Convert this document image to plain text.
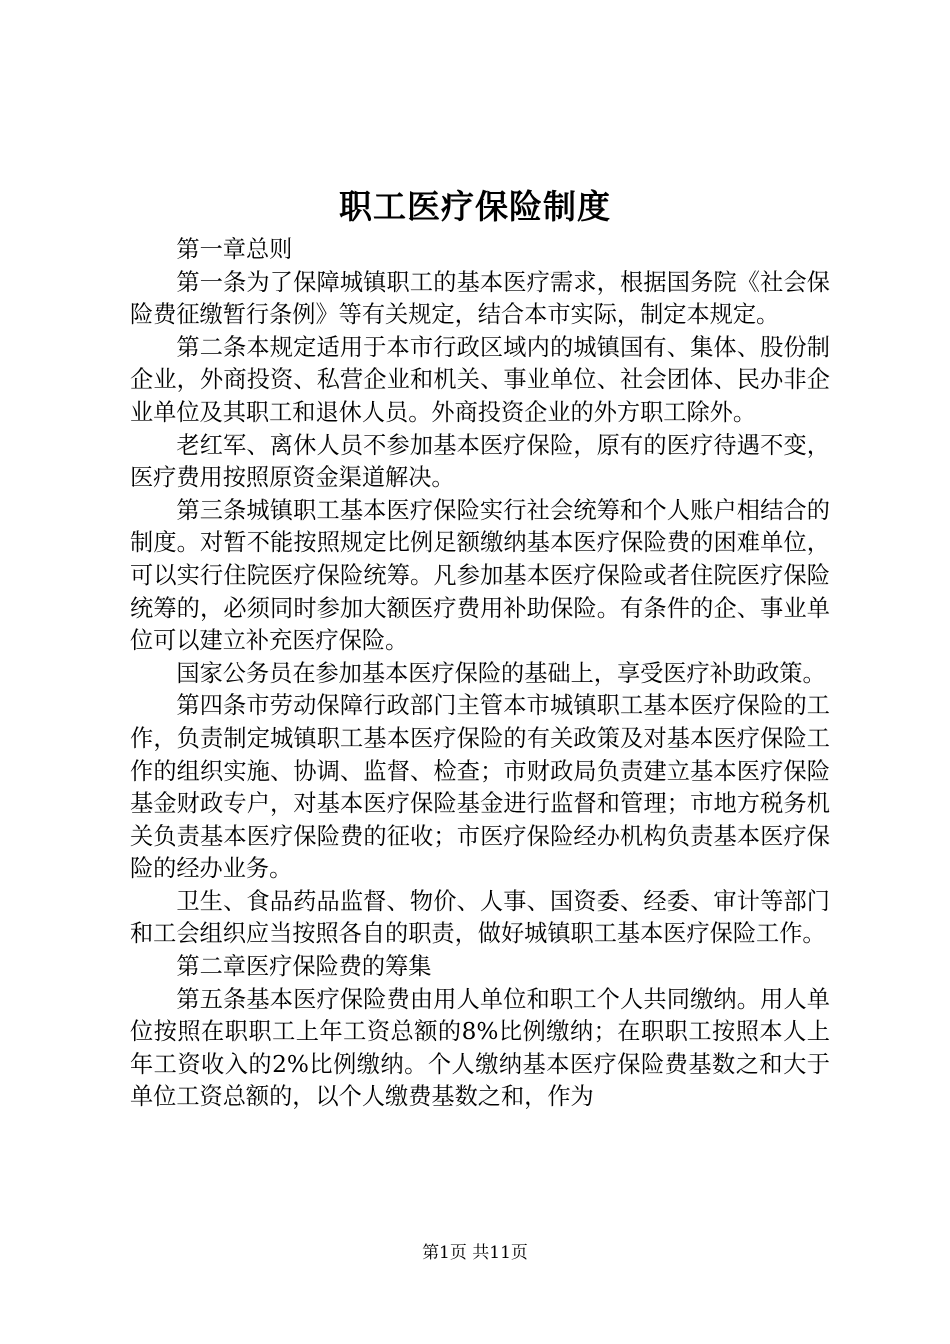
职工医疗保险制度

第一章总则

第一条为了保障城镇职工的基本医疗需求，根据国务院《社会保险费征缴暂行条例》等有关规定，结合本市实际，制定本规定。

第二条本规定适用于本市行政区域内的城镇国有、集体、股份制企业，外商投资、私营企业和机关、事业单位、社会团体、民办非企业单位及其职工和退休人员。外商投资企业的外方职工除外。

老红军、离休人员不参加基本医疗保险，原有的医疗待遇不变，医疗费用按照原资金渠道解决。

第三条城镇职工基本医疗保险实行社会统筹和个人账户相结合的制度。对暂不能按照规定比例足额缴纳基本医疗保险费的困难单位，可以实行住院医疗保险统筹。凡参加基本医疗保险或者住院医疗保险统筹的，必须同时参加大额医疗费用补助保险。有条件的企、事业单位可以建立补充医疗保险。

国家公务员在参加基本医疗保险的基础上，享受医疗补助政策。

第四条市劳动保障行政部门主管本市城镇职工基本医疗保险的工作，负责制定城镇职工基本医疗保险的有关政策及对基本医疗保险工作的组织实施、协调、监督、检查；市财政局负责建立基本医疗保险基金财政专户，对基本医疗保险基金进行监督和管理；市地方税务机关负责基本医疗保险费的征收；市医疗保险经办机构负责基本医疗保险的经办业务。

卫生、食品药品监督、物价、人事、国资委、经委、审计等部门和工会组织应当按照各自的职责，做好城镇职工基本医疗保险工作。

第二章医疗保险费的筹集

第五条基本医疗保险费由用人单位和职工个人共同缴纳。用人单位按照在职职工上年工资总额的8%比例缴纳；在职职工按照本人上年工资收入的2%比例缴纳。个人缴纳基本医疗保险费基数之和大于单位工资总额的，以个人缴费基数之和，作为

第1页 共11页
